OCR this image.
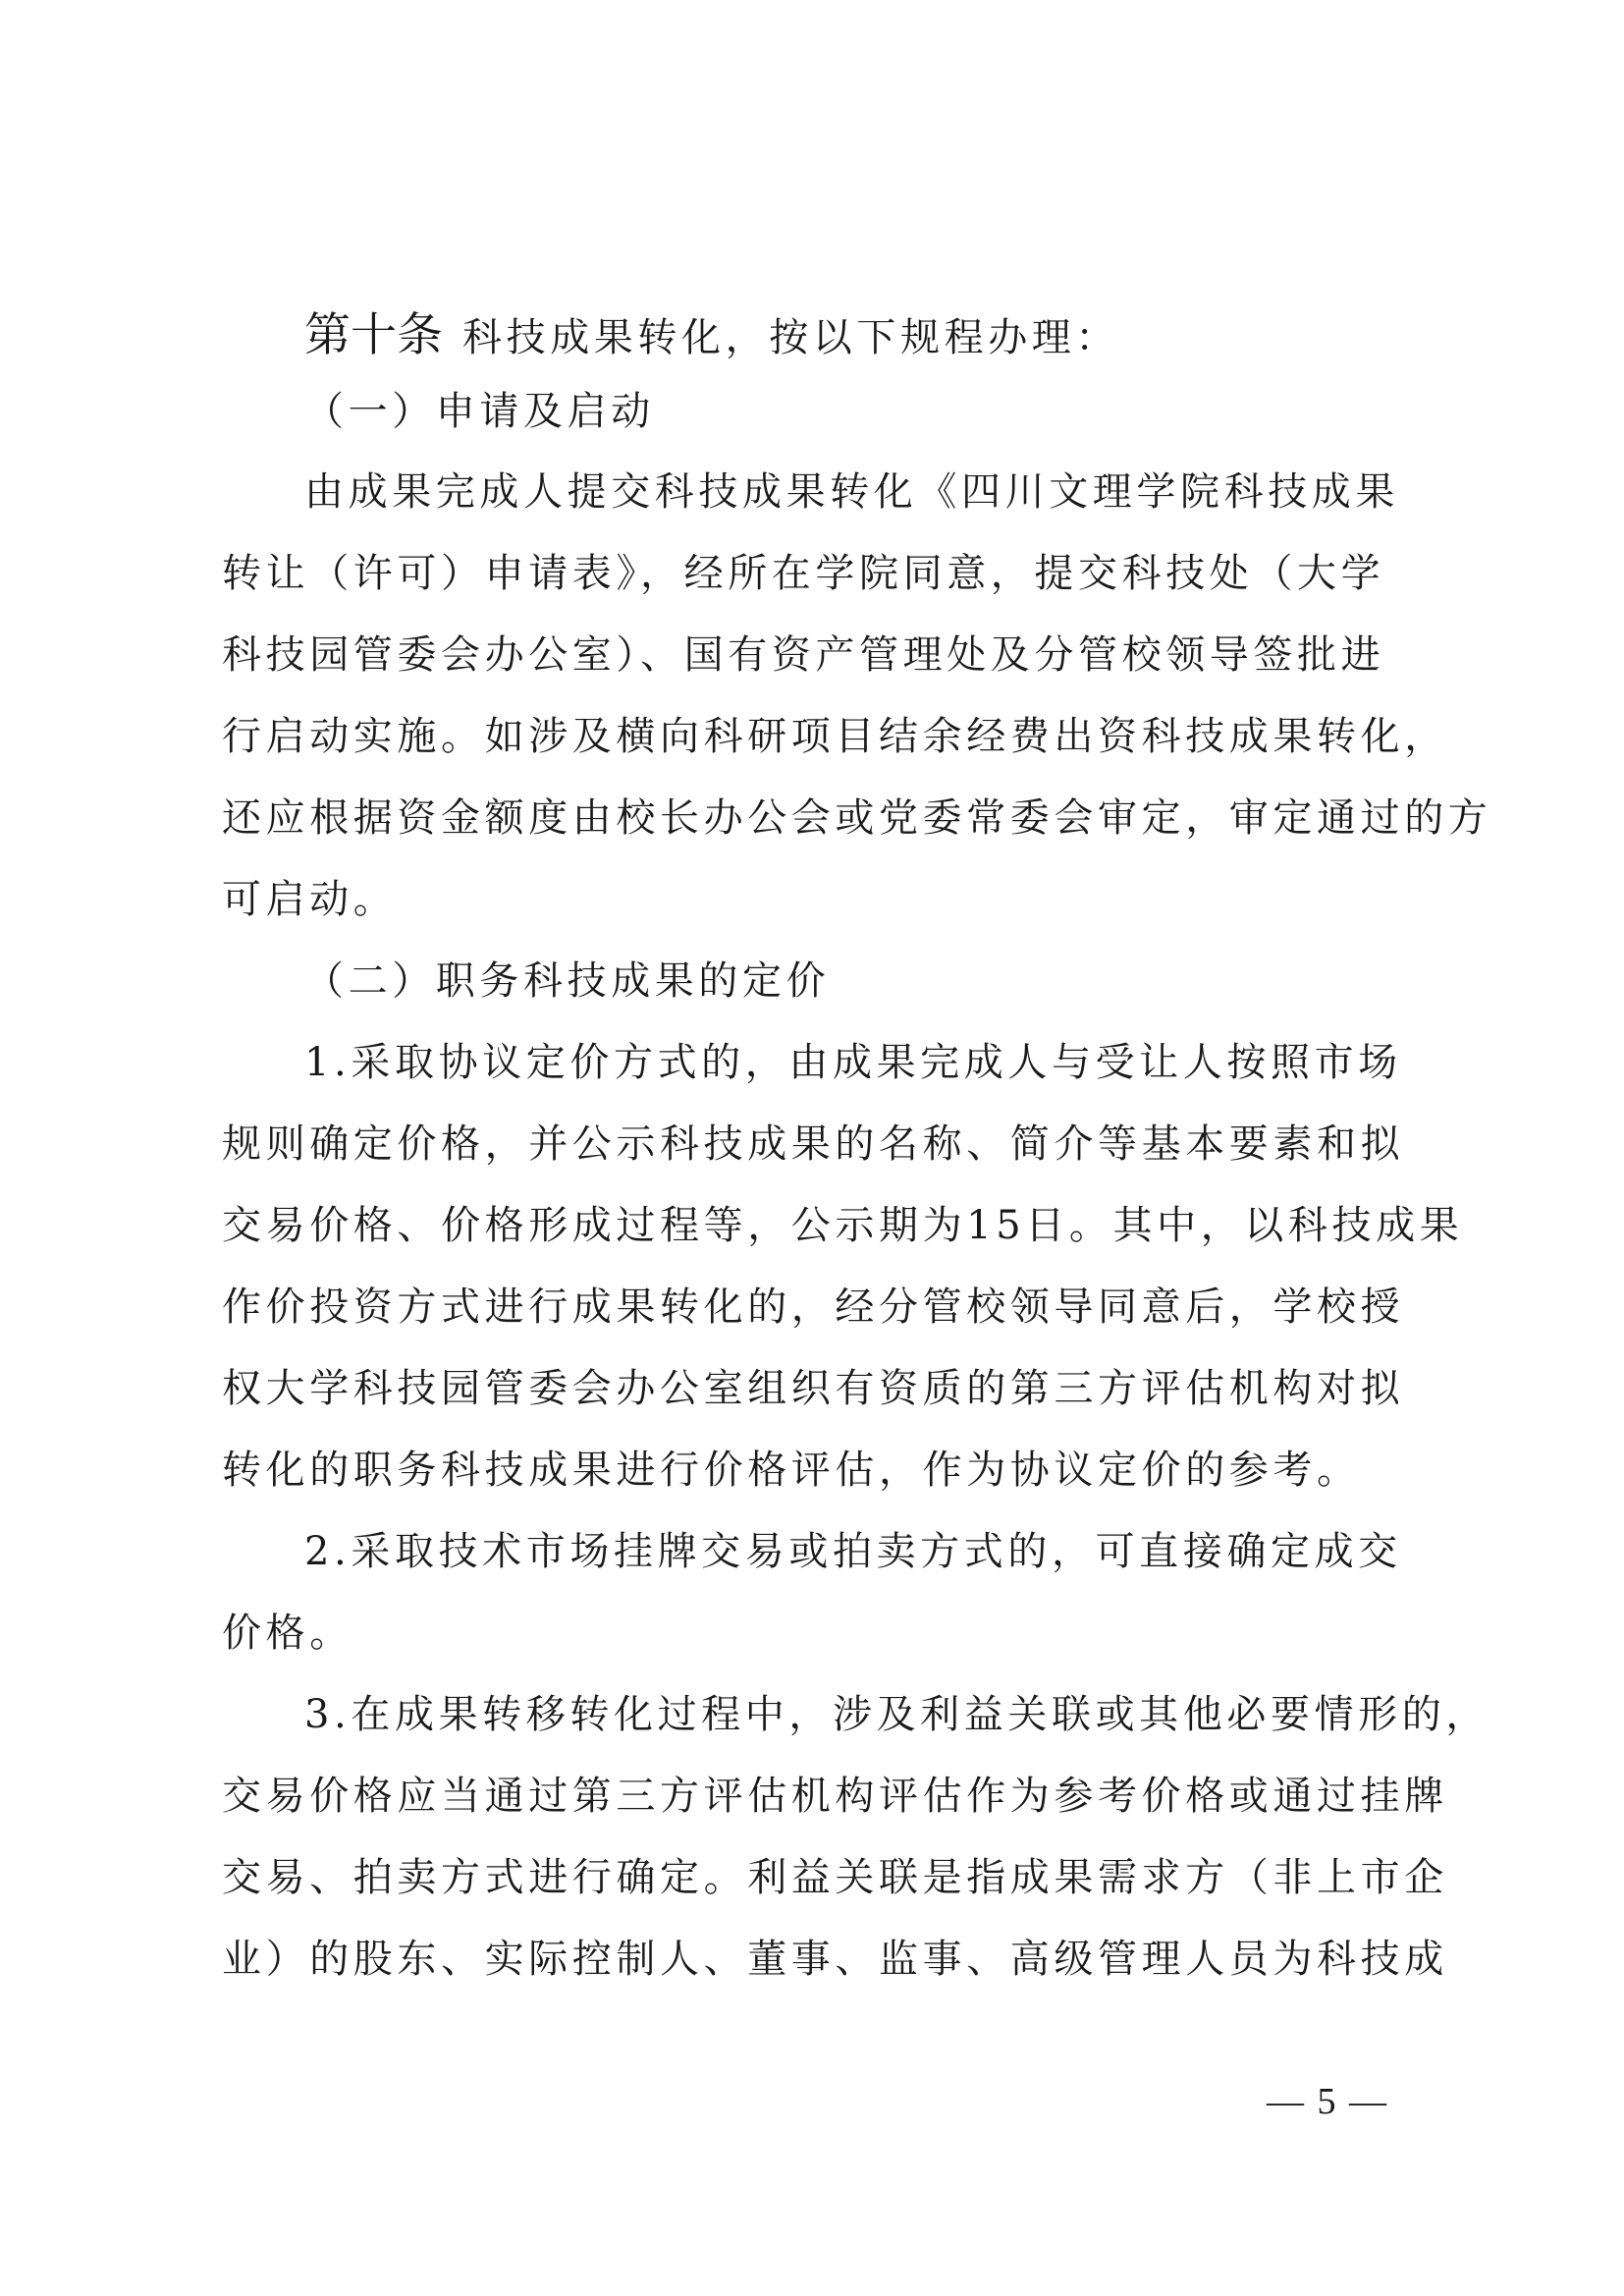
第十条 科技成果转化，按以下规程办理：
（一）申请及启动
由成果完成人提交科技成果转化《四川文理学院科技成果
转让（许可）申请表》，经所在学院同意，提交科技处（大学
科技园管委会办公室）、国有资产管理处及分管校领导签批进
行启动实施。如涉及横向科研项目结余经费出资科技成果转化，
还应根据资金额度由校长办公会或党委常委会审定，审定通过的方
可启动。
（二）职务科技成果的定价
1.采取协议定价方式的，由成果完成人与受让人按照市场
规则确定价格，并公示科技成果的名称、简介等基本要素和拟
交易价格、价格形成过程等，公示期为15日。其中，以科技成果
作价投资方式进行成果转化的，经分管校领导同意后，学校授
权大学科技园管委会办公室组织有资质的第三方评估机构对拟
转化的职务科技成果进行价格评估，作为协议定价的参考。
2.采取技术市场挂牌交易或拍卖方式的，可直接确定成交
价格。
3.在成果转移转化过程中，涉及利益关联或其他必要情形的，
交易价格应当通过第三方评估机构评估作为参考价格或通过挂牌
交易、拍卖方式进行确定。利益关联是指成果需求方（非上市企
业）的股东、实际控制人、董事、监事、高级管理人员为科技成
— 5 —
